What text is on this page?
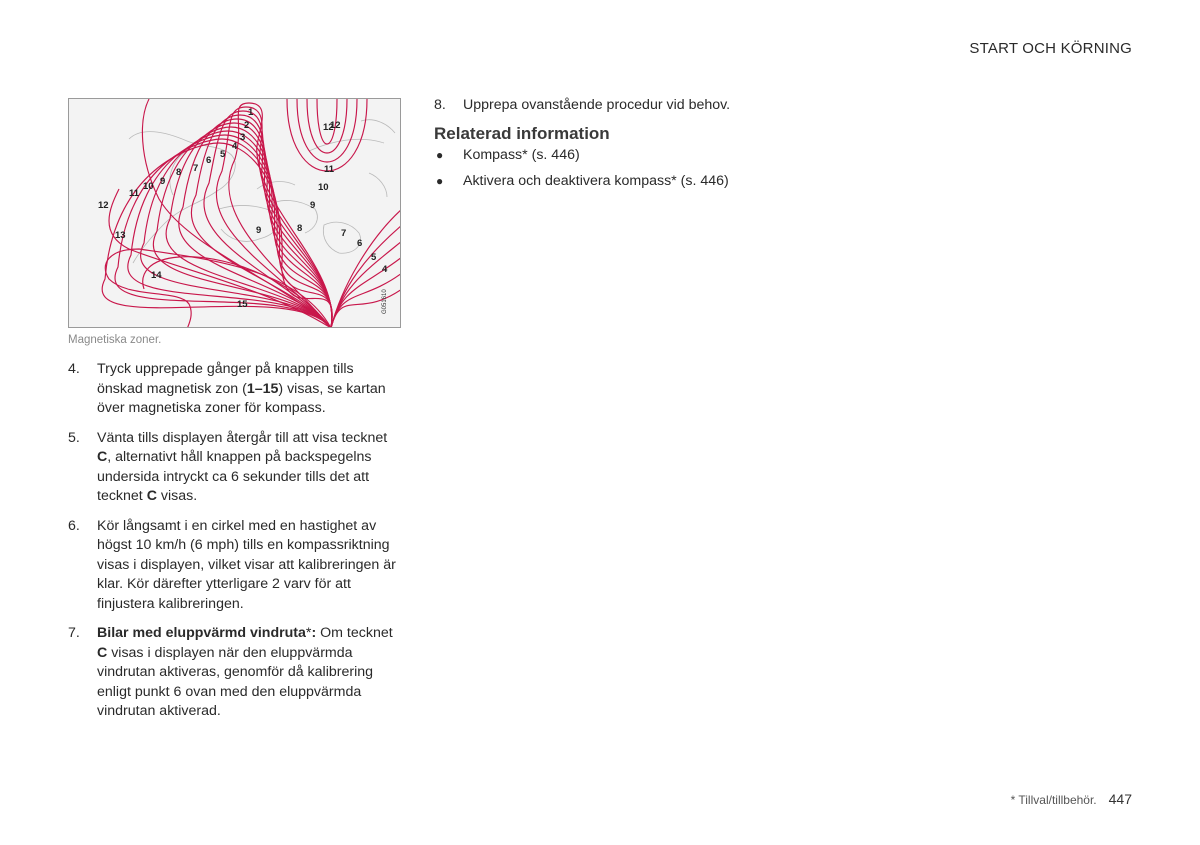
START OCH KÖRNING
1
2
3
4
5
6
7
8
9
10
11
12
12
11
10
9
9	8	7
6
5
4
12
13
14
15	G051610
Magnetiska zoner.
4. Tryck upprepade gånger på knappen tills önskad magnetisk zon (1–15) visas, se kartan över magnetiska zoner för kompass.
5. Vänta tills displayen återgår till att visa tecknet C, alternativt håll knappen på backspegelns undersida intryckt ca 6 sekunder tills det att tecknet C visas.
6. Kör långsamt i en cirkel med en hastighet av högst 10 km/h (6 mph) tills en kompassriktning visas i displayen, vilket visar att kalibreringen är klar. Kör därefter ytterligare 2 varv för att finjustera kalibreringen.
7. Bilar med eluppvärmd vindruta*: Om tecknet C visas i displayen när den eluppvärmda vindrutan aktiveras, genomför då kalibrering enligt punkt 6 ovan med den eluppvärmda vindrutan aktiverad.
8. Upprepa ovanstående procedur vid behov.
Relaterad information
● Kompass* (s. 446)
● Aktivera och deaktivera kompass* (s. 446)
* Tillval/tillbehör. 447
